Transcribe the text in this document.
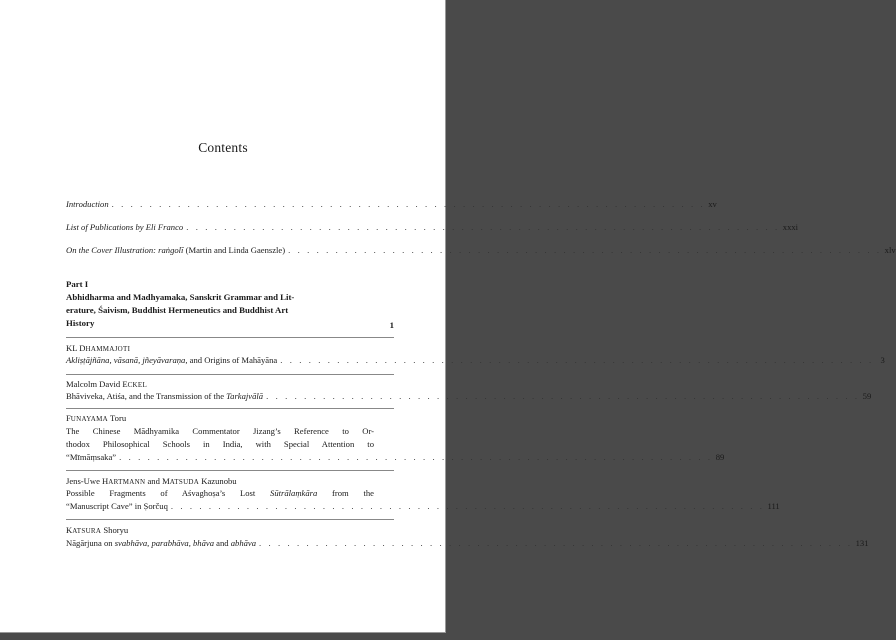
Contents
Introduction . . . . . . . . . . . . . . . . . . . . . . . . . . . . . . . . . . . . . . . . . . . . . . . . . . . . . . . . . . . . . . . xv
List of Publications by Eli Franco . . . . . . . . . . . . . . . . . . . . . . . . . . . . . . . . . . . . . . . . . . . . . . . . . . . . . . . . . . . . . . . xxxi
On the Cover Illustration: raṅgolī (Martin and Linda Gaenszle) . . . . . . . . . . . . . . . . . . . . . . . . . . . . . . . . . . . . . . . . . . . . . . . . . . . . . . . . . . . . . . . xlv
Part I
Abhidharma and Madhyamaka, Sanskrit Grammar and Lit-
erature, Śaivism, Buddhist Hermeneutics and Buddhist Art
History	1
KL DHAMMAJOTI
Akliṣṭājñāna, vāsanā, jñeyāvaraṇa, and Origins of Mahāyāna . . . . . . . . . . . . . . . . . . . . . . . . . . . . . . . . . . . . . . . . . . . . . . . . . . . . . . . . . . . . . . . 3
Malcolm David ECKEL
Bhāviveka, Atiśa, and the Transmission of the Tarkajvālā . . . . . . . . . . . . . . . . . . . . . . . . . . . . . . . . . . . . . . . . . . . . . . . . . . . . . . . . . . . . . . . 59
FUNAYAMA Toru
The Chinese Mādhyamika Commentator Jizang’s Reference to Or-
thodox Philosophical Schools in India, with Special Attention to
“Mīmāṃsaka” . . . . . . . . . . . . . . . . . . . . . . . . . . . . . . . . . . . . . . . . . . . . . . . . . . . . . . . . . . . . . . . 89
Jens-Uwe HARTMANN and MATSUDA Kazunobu
Possible Fragments of Aśvaghoṣa’s Lost Sūtrālaṃkāra from the
“Manuscript Cave” in Ṣorčuq . . . . . . . . . . . . . . . . . . . . . . . . . . . . . . . . . . . . . . . . . . . . . . . . . . . . . . . . . . . . . . . 111
KATSURA Shoryu
Nāgārjuna on svabhāva, parabhāva, bhāva and abhāva . . . . . . . . . . . . . . . . . . . . . . . . . . . . . . . . . . . . . . . . . . . . . . . . . . . . . . . . . . . . . . . 131
